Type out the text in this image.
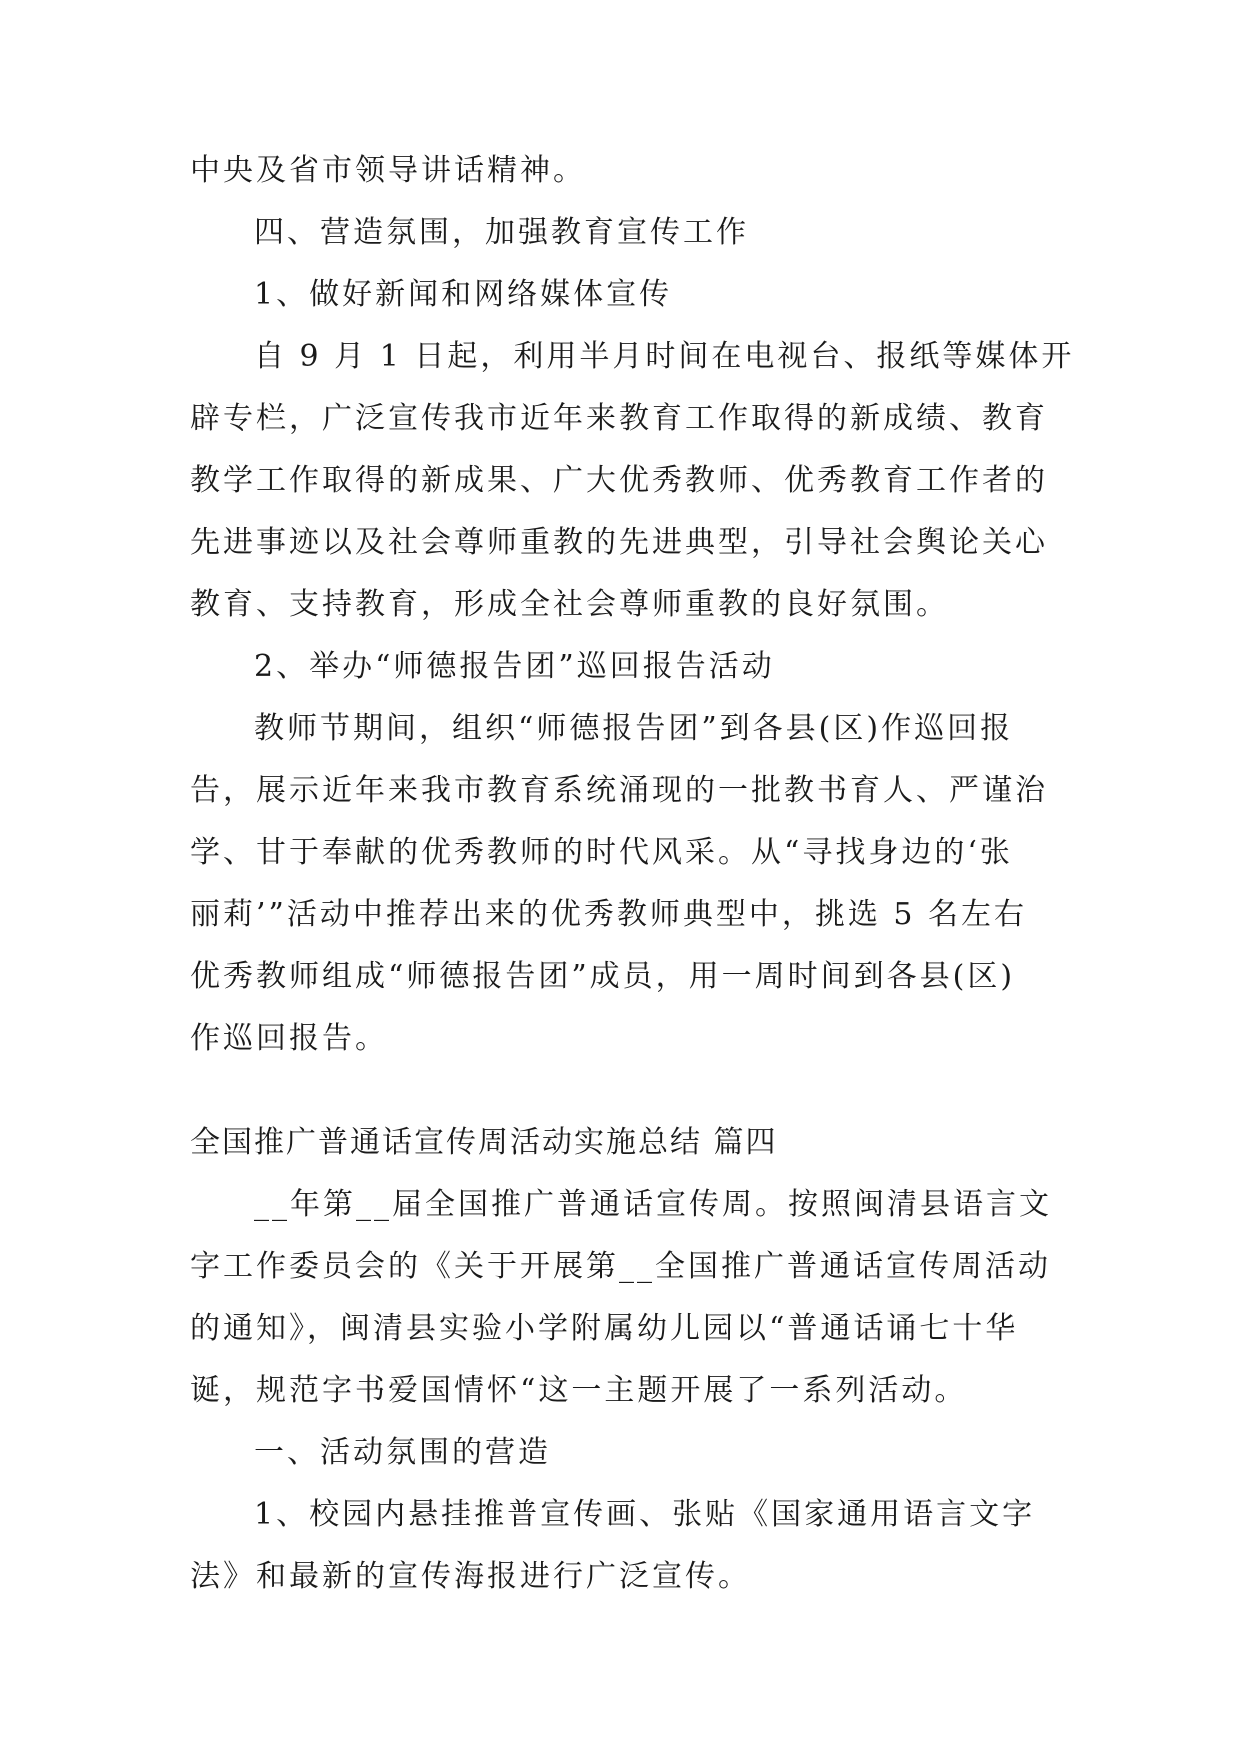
中央及省市领导讲话精神。
四、营造氛围，加强教育宣传工作
1、做好新闻和网络媒体宣传
自 9 月 1 日起，利用半月时间在电视台、报纸等媒体开
辟专栏，广泛宣传我市近年来教育工作取得的新成绩、教育
教学工作取得的新成果、广大优秀教师、优秀教育工作者的
先进事迹以及社会尊师重教的先进典型，引导社会舆论关心
教育、支持教育，形成全社会尊师重教的良好氛围。
2、举办“师德报告团”巡回报告活动
教师节期间，组织“师德报告团”到各县(区)作巡回报
告，展示近年来我市教育系统涌现的一批教书育人、严谨治
学、甘于奉献的优秀教师的时代风采。从“寻找身边的‘张
丽莉’”活动中推荐出来的优秀教师典型中，挑选 5 名左右
优秀教师组成“师德报告团”成员，用一周时间到各县(区)
作巡回报告。
全国推广普通话宣传周活动实施总结 篇四
__年第__届全国推广普通话宣传周。按照闽清县语言文
字工作委员会的《关于开展第__全国推广普通话宣传周活动
的通知》，闽清县实验小学附属幼儿园以“普通话诵七十华
诞，规范字书爱国情怀“这一主题开展了一系列活动。
一、活动氛围的营造
1、校园内悬挂推普宣传画、张贴《国家通用语言文字
法》和最新的宣传海报进行广泛宣传。
